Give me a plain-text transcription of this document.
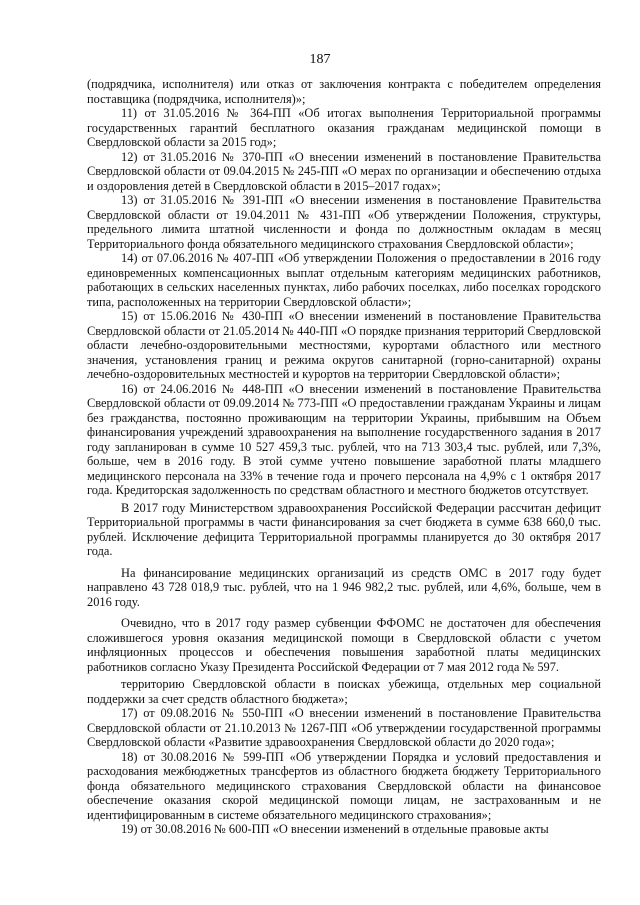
187

(подрядчика, исполнителя) или отказ от заключения контракта с победителем определения поставщика (подрядчика, исполнителя)»;

11) от 31.05.2016 № 364-ПП «Об итогах выполнения Территориальной программы государственных гарантий бесплатного оказания гражданам медицинской помощи в Свердловской области за 2015 год»;

12) от 31.05.2016 № 370-ПП «О внесении изменений в постановление Правительства Свердловской области от 09.04.2015 № 245-ПП «О мерах по организации и обеспечению отдыха и оздоровления детей в Свердловской области в 2015–2017 годах»;

13) от 31.05.2016 № 391-ПП «О внесении изменения в постановление Правительства Свердловской области от 19.04.2011 № 431-ПП «Об утверждении Положения, структуры, предельного лимита штатной численности и фонда по должностным окладам в месяц Территориального фонда обязательного медицинского страхования Свердловской области»;

14) от 07.06.2016 № 407-ПП «Об утверждении Положения о предоставлении в 2016 году единовременных компенсационных выплат отдельным категориям медицинских работников, работающих в сельских населенных пунктах, либо рабочих поселках, либо поселках городского типа, расположенных на территории Свердловской области»;

15) от 15.06.2016 № 430-ПП «О внесении изменений в постановление Правительства Свердловской области от 21.05.2014 № 440-ПП «О порядке признания территорий Свердловской области лечебно-оздоровительными местностями, курортами областного или местного значения, установления границ и режима округов санитарной (горно-санитарной) охраны лечебно-оздоровительных местностей и курортов на территории Свердловской области»;

16) от 24.06.2016 № 448-ПП «О внесении изменений в постановление Правительства Свердловской области от 09.09.2014 № 773-ПП «О предоставлении гражданам Украины и лицам без гражданства, постоянно проживающим на территории Украины, прибывшим на Объем финансирования учреждений здравоохранения на выполнение государственного задания в 2017 году запланирован в сумме 10 527 459,3 тыс. рублей, что на 713 303,4 тыс. рублей, или 7,3%, больше, чем в 2016 году. В этой сумме учтено повышение заработной платы младшего медицинского персонала на 33% в течение года и прочего персонала на 4,9% с 1 октября 2017 года. Кредиторская задолженность по средствам областного и местного бюджетов отсутствует.

В 2017 году Министерством здравоохранения Российской Федерации рассчитан дефицит Территориальной программы в части финансирования за счет бюджета в сумме 638 660,0 тыс. рублей. Исключение дефицита Территориальной программы планируется до 30 октября 2017 года.

На финансирование медицинских организаций из средств ОМС в 2017 году будет направлено 43 728 018,9 тыс. рублей, что на 1 946 982,2 тыс. рублей, или 4,6%, больше, чем в 2016 году.

Очевидно, что в 2017 году размер субвенции ФФОМС не достаточен для обеспечения сложившегося уровня оказания медицинской помощи в Свердловской области с учетом инфляционных процессов и обеспечения повышения заработной платы медицинских работников согласно Указу Президента Российской Федерации от 7 мая 2012 года № 597.

территорию Свердловской области в поисках убежища, отдельных мер социальной поддержки за счет средств областного бюджета»;

17) от 09.08.2016 № 550-ПП «О внесении изменений в постановление Правительства Свердловской области от 21.10.2013 № 1267-ПП «Об утверждении государственной программы Свердловской области «Развитие здравоохранения Свердловской области до 2020 года»;

18) от 30.08.2016 № 599-ПП «Об утверждении Порядка и условий предоставления и расходования межбюджетных трансфертов из областного бюджета бюджету Территориального фонда обязательного медицинского страхования Свердловской области на финансовое обеспечение оказания скорой медицинской помощи лицам, не застрахованным и не идентифицированным в системе обязательного медицинского страхования»;

19) от 30.08.2016 № 600-ПП «О внесении изменений в отдельные правовые акты
